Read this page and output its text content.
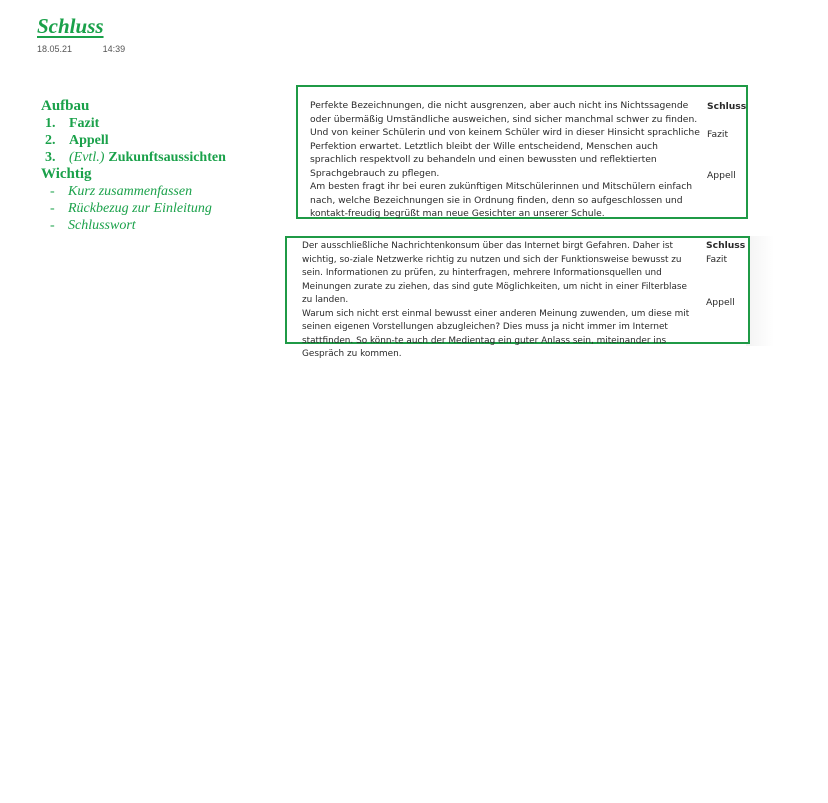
Schluss
18.05.21	14:39
Aufbau
1. Fazit
2. Appell
3. (Evtl.) Zukunftsaussichten
Wichtig
- Kurz zusammenfassen
- Rückbezug zur Einleitung
- Schlusswort
Perfekte Bezeichnungen, die nicht ausgrenzen, aber auch nicht ins Nichtssagende oder übermäßig Umständliche ausweichen, sind sicher manchmal schwer zu finden. Und von keiner Schülerin und von keinem Schüler wird in dieser Hinsicht sprachliche Perfektion erwartet. Letztlich bleibt der Wille entscheidend, Menschen auch sprachlich respektvoll zu behandeln und einen bewussten und reflektierten Sprachgebrauch zu pflegen.
Am besten fragt ihr bei euren zukünftigen Mitschülerinnen und Mitschülern einfach nach, welche Bezeichnungen sie in Ordnung finden, denn so aufgeschlossen und kontakt-freudig begrüßt man neue Gesichter an unserer Schule.
Schluss
Fazit
Appell
Der ausschließliche Nachrichtenkonsum über das Internet birgt Gefahren. Daher ist wichtig, so-ziale Netzwerke richtig zu nutzen und sich der Funktionsweise bewusst zu sein. Informationen zu prüfen, zu hinterfragen, mehrere Informationsquellen und Meinungen zurate zu ziehen, das sind gute Möglichkeiten, um nicht in einer Filterblase zu landen.
Warum sich nicht erst einmal bewusst einer anderen Meinung zuwenden, um diese mit seinen eigenen Vorstellungen abzugleichen? Dies muss ja nicht immer im Internet stattfinden. So könn-te auch der Medientag ein guter Anlass sein, miteinander ins Gespräch zu kommen.
Schluss
Fazit
Appell
